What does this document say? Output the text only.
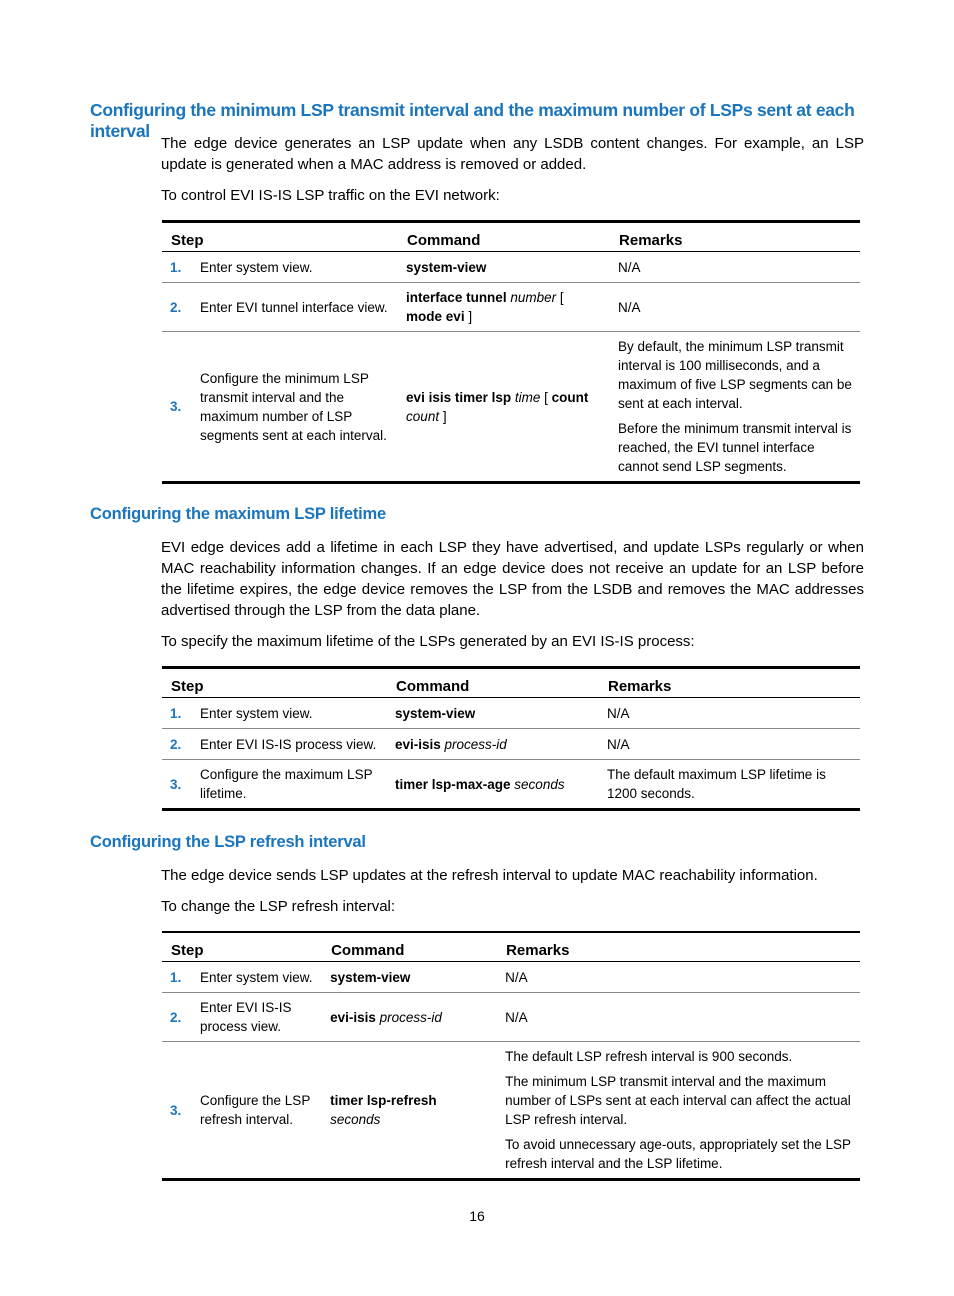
Configuring the minimum LSP transmit interval and the maximum number of LSPs sent at each interval

The edge device generates an LSP update when any LSDB content changes. For example, an LSP update is generated when a MAC address is removed or added.

To control EVI IS-IS LSP traffic on the EVI network:

Step		Command	Remarks
1.	Enter system view.	system-view	N/A

2.	Enter EVI tunnel interface view.	interface tunnel number [ mode evi ]	N/A

3.	Configure the minimum LSP transmit interval and the maximum number of LSP segments sent at each interval.	evi isis timer lsp time [ count count ]	By default, the minimum LSP transmit interval is 100 milliseconds, and a maximum of five LSP segments can be sent at each interval.

Before the minimum transmit interval is reached, the EVI tunnel interface cannot send LSP segments.

Configuring the maximum LSP lifetime

EVI edge devices add a lifetime in each LSP they have advertised, and update LSPs regularly or when MAC reachability information changes. If an edge device does not receive an update for an LSP before the lifetime expires, the edge device removes the LSP from the LSDB and removes the MAC addresses advertised through the LSP from the data plane.

To specify the maximum lifetime of the LSPs generated by an EVI IS-IS process:

Step		Command	Remarks
1.	Enter system view.	system-view	N/A

2.	Enter EVI IS-IS process view.	evi-isis process-id	N/A

3.	Configure the maximum LSP lifetime.	timer lsp-max-age seconds	The default maximum LSP lifetime is 1200 seconds.

Configuring the LSP refresh interval

The edge device sends LSP updates at the refresh interval to update MAC reachability information.

To change the LSP refresh interval:

Step		Command	Remarks
1.	Enter system view.	system-view	N/A

2.	Enter EVI IS-IS process view.	evi-isis process-id	N/A

3.	Configure the LSP refresh interval.	timer lsp-refresh seconds	The default LSP refresh interval is 900 seconds.

The minimum LSP transmit interval and the maximum number of LSPs sent at each interval can affect the actual LSP refresh interval.

To avoid unnecessary age-outs, appropriately set the LSP refresh interval and the LSP lifetime.

16
